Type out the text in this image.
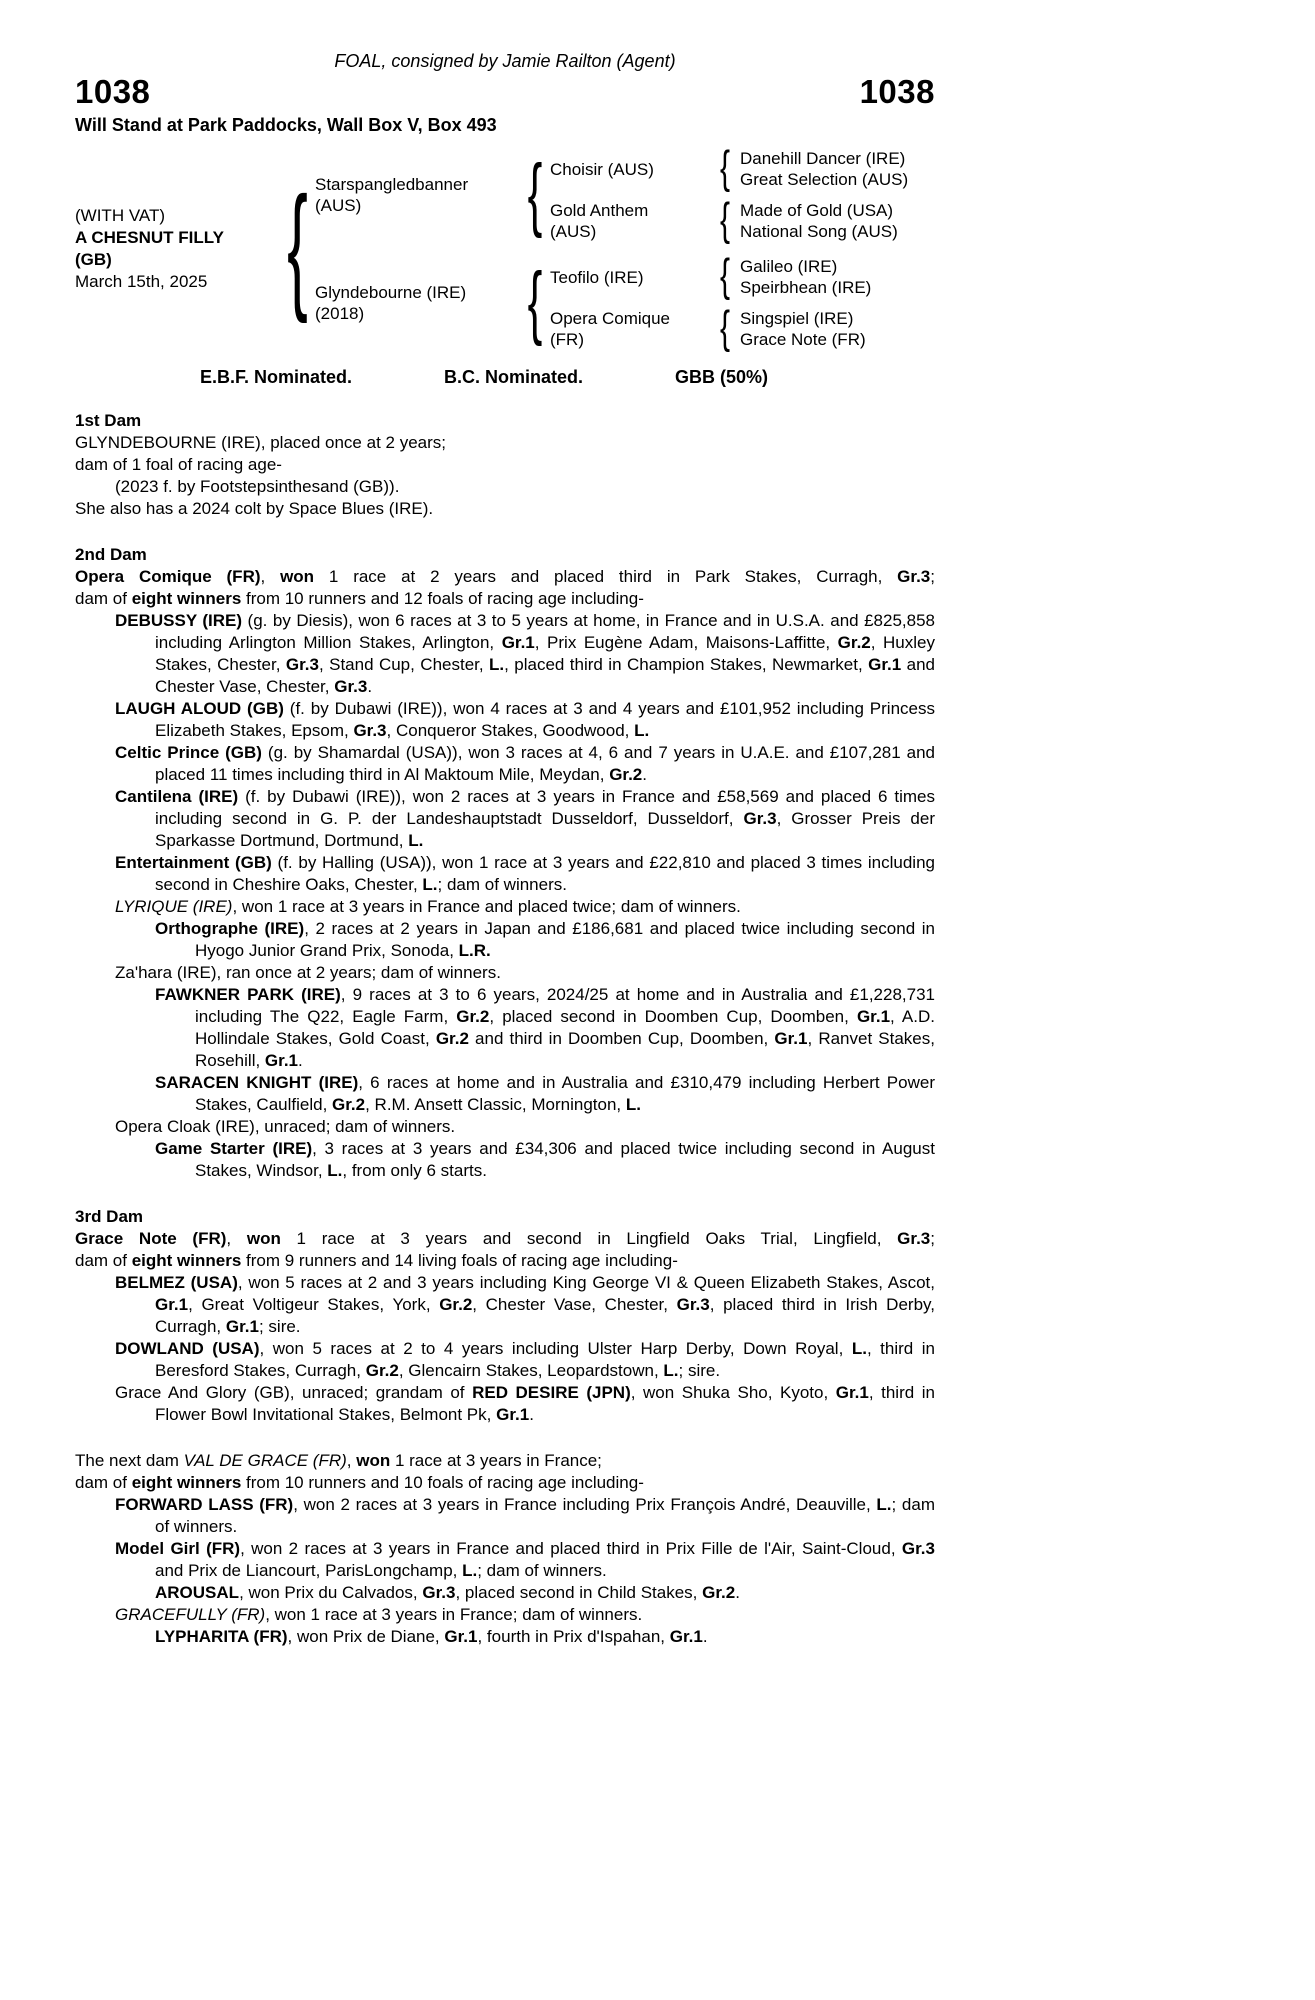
FOAL, consigned by Jamie Railton (Agent)
1038	1038
Will Stand at Park Paddocks, Wall Box V, Box 493
(WITH VAT)
A CHESNUT FILLY
(GB)
March 15th, 2025	{ Starspangledbanner (AUS)	{ Choisir (AUS)	{ Danehill Dancer (IRE)
Great Selection (AUS)
Gold Anthem (AUS)	{ Made of Gold (USA)
National Song (AUS)
Glyndebourne (IRE) (2018)	{ Teofilo (IRE)	{ Galileo (IRE)
Speirbhean (IRE)
Opera Comique (FR)	{ Singspiel (IRE)
Grace Note (FR)
E.B.F. Nominated.	B.C. Nominated.	GBB (50%)
1st Dam
GLYNDEBOURNE (IRE), placed once at 2 years;
dam of 1 foal of racing age-
(2023 f. by Footstepsinthesand (GB)).
She also has a 2024 colt by Space Blues (IRE).
2nd Dam
Opera Comique (FR), won 1 race at 2 years and placed third in Park Stakes, Curragh, Gr.3;
dam of eight winners from 10 runners and 12 foals of racing age including-
DEBUSSY (IRE) (g. by Diesis), won 6 races at 3 to 5 years at home, in France and in U.S.A. and £825,858 including Arlington Million Stakes, Arlington, Gr.1, Prix Eugène Adam, Maisons-Laffitte, Gr.2, Huxley Stakes, Chester, Gr.3, Stand Cup, Chester, L., placed third in Champion Stakes, Newmarket, Gr.1 and Chester Vase, Chester, Gr.3.
LAUGH ALOUD (GB) (f. by Dubawi (IRE)), won 4 races at 3 and 4 years and £101,952 including Princess Elizabeth Stakes, Epsom, Gr.3, Conqueror Stakes, Goodwood, L.
Celtic Prince (GB) (g. by Shamardal (USA)), won 3 races at 4, 6 and 7 years in U.A.E. and £107,281 and placed 11 times including third in Al Maktoum Mile, Meydan, Gr.2.
Cantilena (IRE) (f. by Dubawi (IRE)), won 2 races at 3 years in France and £58,569 and placed 6 times including second in G. P. der Landeshauptstadt Dusseldorf, Dusseldorf, Gr.3, Grosser Preis der Sparkasse Dortmund, Dortmund, L.
Entertainment (GB) (f. by Halling (USA)), won 1 race at 3 years and £22,810 and placed 3 times including second in Cheshire Oaks, Chester, L.; dam of winners.
LYRIQUE (IRE), won 1 race at 3 years in France and placed twice; dam of winners.
Orthographe (IRE), 2 races at 2 years in Japan and £186,681 and placed twice including second in Hyogo Junior Grand Prix, Sonoda, L.R.
Za'hara (IRE), ran once at 2 years; dam of winners.
FAWKNER PARK (IRE), 9 races at 3 to 6 years, 2024/25 at home and in Australia and £1,228,731 including The Q22, Eagle Farm, Gr.2, placed second in Doomben Cup, Doomben, Gr.1, A.D. Hollindale Stakes, Gold Coast, Gr.2 and third in Doomben Cup, Doomben, Gr.1, Ranvet Stakes, Rosehill, Gr.1.
SARACEN KNIGHT (IRE), 6 races at home and in Australia and £310,479 including Herbert Power Stakes, Caulfield, Gr.2, R.M. Ansett Classic, Mornington, L.
Opera Cloak (IRE), unraced; dam of winners.
Game Starter (IRE), 3 races at 3 years and £34,306 and placed twice including second in August Stakes, Windsor, L., from only 6 starts.
3rd Dam
Grace Note (FR), won 1 race at 3 years and second in Lingfield Oaks Trial, Lingfield, Gr.3;
dam of eight winners from 9 runners and 14 living foals of racing age including-
BELMEZ (USA), won 5 races at 2 and 3 years including King George VI & Queen Elizabeth Stakes, Ascot, Gr.1, Great Voltigeur Stakes, York, Gr.2, Chester Vase, Chester, Gr.3, placed third in Irish Derby, Curragh, Gr.1; sire.
DOWLAND (USA), won 5 races at 2 to 4 years including Ulster Harp Derby, Down Royal, L., third in Beresford Stakes, Curragh, Gr.2, Glencairn Stakes, Leopardstown, L.; sire.
Grace And Glory (GB), unraced; grandam of RED DESIRE (JPN), won Shuka Sho, Kyoto, Gr.1, third in Flower Bowl Invitational Stakes, Belmont Pk, Gr.1.
The next dam VAL DE GRACE (FR), won 1 race at 3 years in France;
dam of eight winners from 10 runners and 10 foals of racing age including-
FORWARD LASS (FR), won 2 races at 3 years in France including Prix François André, Deauville, L.; dam of winners.
Model Girl (FR), won 2 races at 3 years in France and placed third in Prix Fille de l'Air, Saint-Cloud, Gr.3 and Prix de Liancourt, ParisLongchamp, L.; dam of winners.
AROUSAL, won Prix du Calvados, Gr.3, placed second in Child Stakes, Gr.2.
GRACEFULLY (FR), won 1 race at 3 years in France; dam of winners.
LYPHARITA (FR), won Prix de Diane, Gr.1, fourth in Prix d'Ispahan, Gr.1.
